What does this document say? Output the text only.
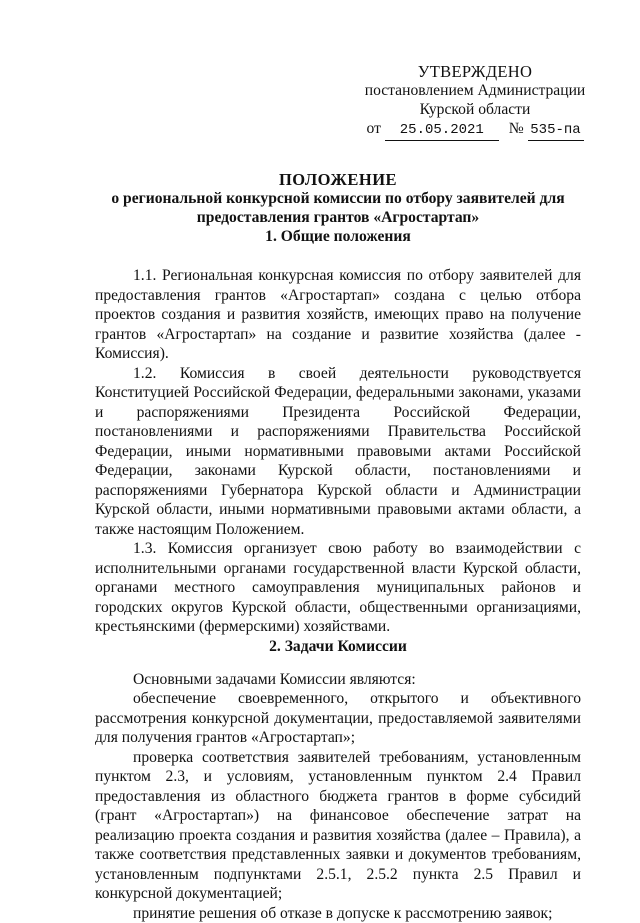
УТВЕРЖДЕНО
постановлением Администрации
Курской области
от 25.05.2021 № 535-па
ПОЛОЖЕНИЕ
о региональной конкурсной комиссии по отбору заявителей для предоставления грантов «Агростартап»
1. Общие положения

1.1. Региональная конкурсная комиссия по отбору заявителей для предоставления грантов «Агростартап» создана с целью отбора проектов создания и развития хозяйств, имеющих право на получение грантов «Агростартап» на создание и развитие хозяйства (далее - Комиссия).

1.2. Комиссия в своей деятельности руководствуется Конституцией Российской Федерации, федеральными законами, указами и распоряжениями Президента Российской Федерации, постановлениями и распоряжениями Правительства Российской Федерации, иными нормативными правовыми актами Российской Федерации, законами Курской области, постановлениями и распоряжениями Губернатора Курской области и Администрации Курской области, иными нормативными правовыми актами области, а также настоящим Положением.

1.3. Комиссия организует свою работу во взаимодействии с исполнительными органами государственной власти Курской области, органами местного самоуправления муниципальных районов и городских округов Курской области, общественными организациями, крестьянскими (фермерскими) хозяйствами.

2. Задачи Комиссии

Основными задачами Комиссии являются:

обеспечение своевременного, открытого и объективного рассмотрения конкурсной документации, предоставляемой заявителями для получения грантов «Агростартап»;

проверка соответствия заявителей требованиям, установленным пунктом 2.3, и условиям, установленным пунктом 2.4 Правил предоставления из областного бюджета грантов в форме субсидий (грант «Агростартап») на финансовое обеспечение затрат на реализацию проекта создания и развития хозяйства (далее – Правила), а также соответствия представленных заявки и документов требованиям, установленным подпунктами 2.5.1, 2.5.2 пункта 2.5 Правил и конкурсной документацией;

принятие решения об отказе в допуске к рассмотрению заявок;
